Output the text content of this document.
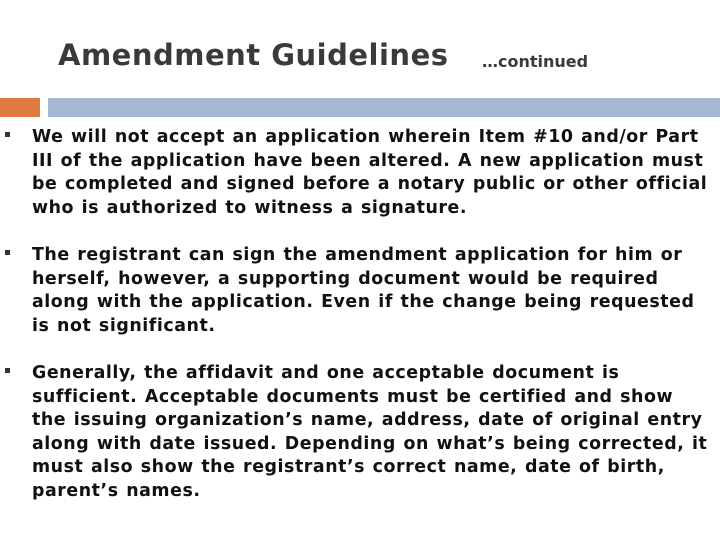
Amendment Guidelines …continued
We will not accept an application wherein Item #10 and/or Part III of the application have been altered. A new application must be completed and signed before a notary public or other official who is authorized to witness a signature.
The registrant can sign the amendment application for him or herself, however, a supporting document would be required along with the application. Even if the change being requested is not significant.
Generally, the affidavit and one acceptable document is sufficient. Acceptable documents must be certified and show the issuing organization’s name, address, date of original entry along with date issued. Depending on what’s being corrected, it must also show the registrant’s correct name, date of birth, parent’s names.
